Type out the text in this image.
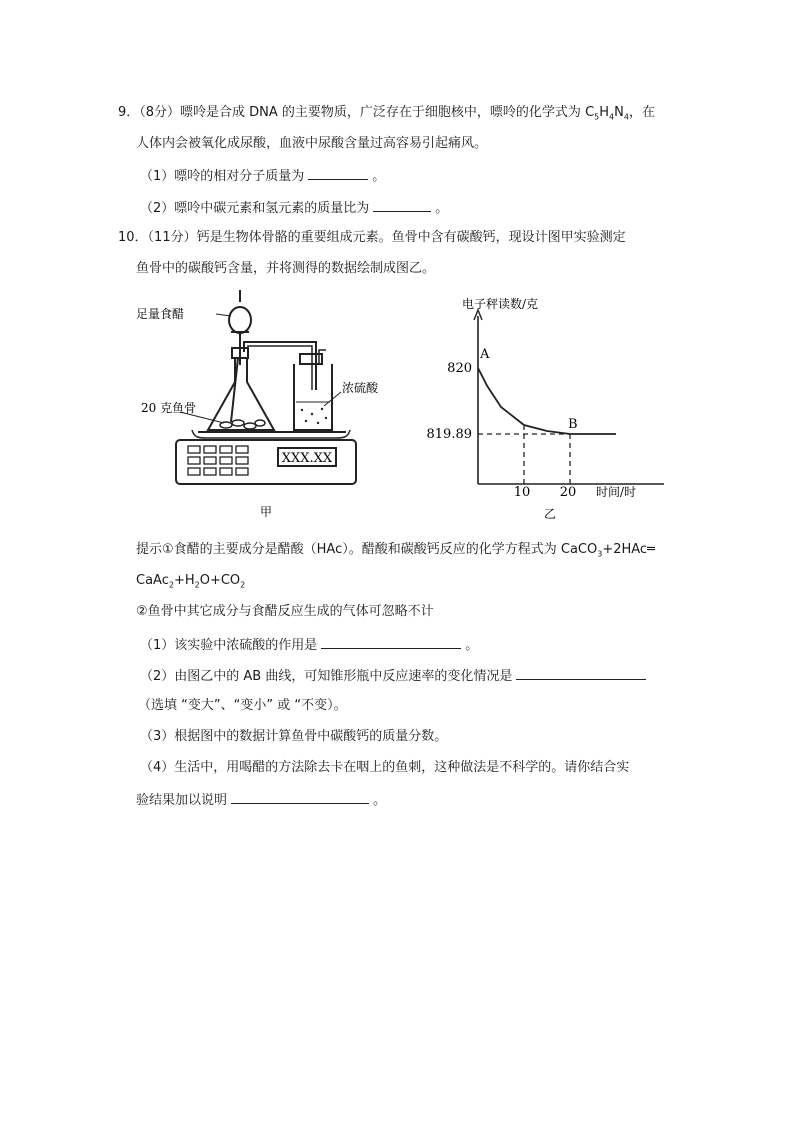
9．（8分）嘌呤是合成 DNA 的主要物质，广泛存在于细胞核中，嘌呤的化学式为 $C_5H_4N_4$，在
人体内会被氧化成尿酸，血液中尿酸含量过高容易引起痛风。
（1）嘌呤的相对分子质量为	。
（2）嘌呤中碳元素和氢元素的质量比为	。
10．（11分）钙是生物体骨骼的重要组成元素。鱼骨中含有碳酸钙，现设计图甲实验测定
鱼骨中的碳酸钙含量，并将测得的数据绘制成图乙。
足量食醋
20 克鱼骨
浓硫酸
XXX.XX
甲
电子秤读数/克
时间/时
乙
820
819.89
10 20
A
B
提示①食醋的主要成分是醋酸（HAc）。醋酸和碳酸钙反应的化学方程式为 CaCO$_3$+2HAc═
$CaAc_2+H_2O+CO_2$
②鱼骨中其它成分与食醋反应生成的气体可忽略不计
（1）该实验中浓硫酸的作用是	。
（2）由图乙中的 AB 曲线，可知锥形瓶中反应速率的变化情况是
（选填 “变大”、“变小” 或 “不变）。
（3）根据图中的数据计算鱼骨中碳酸钙的质量分数。
（4）生活中，用喝醋的方法除去卡在咽上的鱼刺，这种做法是不科学的。请你结合实
验结果加以说明	。
